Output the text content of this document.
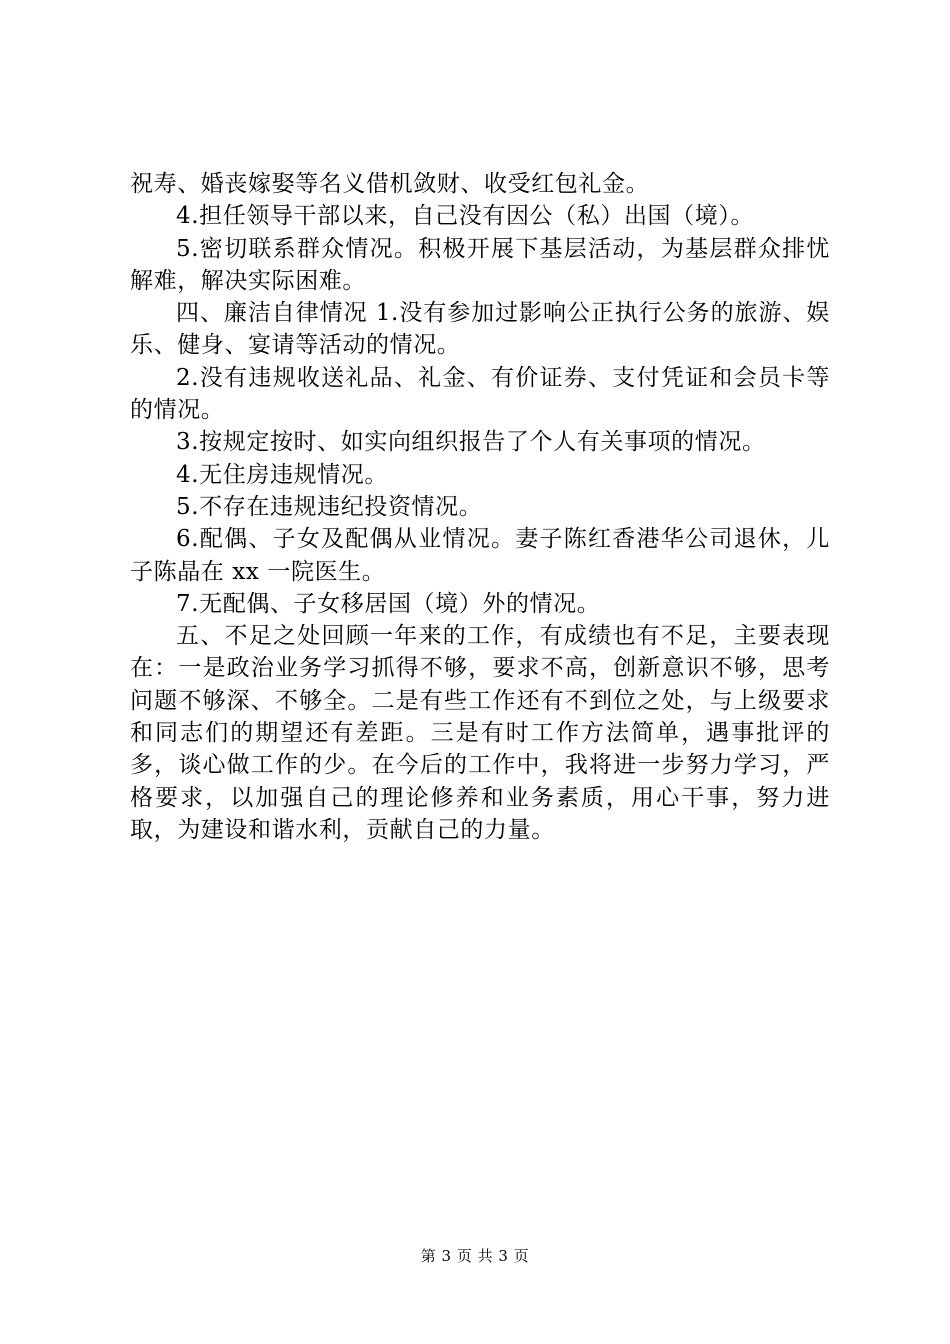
祝寿、婚丧嫁娶等名义借机敛财、收受红包礼金。

4.担任领导干部以来，自己没有因公（私）出国（境）。

5.密切联系群众情况。积极开展下基层活动，为基层群众排忧解难，解决实际困难。

四、廉洁自律情况 1.没有参加过影响公正执行公务的旅游、娱乐、健身、宴请等活动的情况。

2.没有违规收送礼品、礼金、有价证券、支付凭证和会员卡等的情况。

3.按规定按时、如实向组织报告了个人有关事项的情况。

4.无住房违规情况。

5.不存在违规违纪投资情况。

6.配偶、子女及配偶从业情况。妻子陈红香港华公司退休，儿子陈晶在 xx 一院医生。

7.无配偶、子女移居国（境）外的情况。

五、不足之处回顾一年来的工作，有成绩也有不足，主要表现在：一是政治业务学习抓得不够，要求不高，创新意识不够，思考问题不够深、不够全。二是有些工作还有不到位之处，与上级要求和同志们的期望还有差距。三是有时工作方法简单，遇事批评的多，谈心做工作的少。在今后的工作中，我将进一步努力学习，严格要求，以加强自己的理论修养和业务素质，用心干事，努力进取，为建设和谐水利，贡献自己的力量。

第 3 页 共 3 页
